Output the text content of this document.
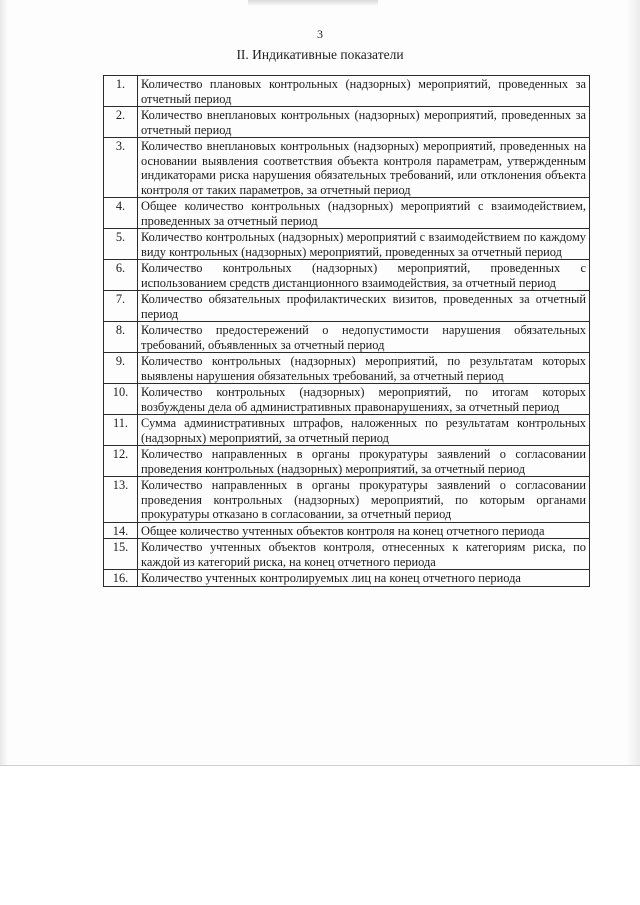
3
II. Индикативные показатели
1.	Количество плановых контрольных (надзорных) мероприятий, проведенных за отчетный период
2.	Количество внеплановых контрольных (надзорных) мероприятий, проведенных за отчетный период
3.	Количество внеплановых контрольных (надзорных) мероприятий, проведенных на основании выявления соответствия объекта контроля параметрам, утвержденным индикаторами риска нарушения обязательных требований, или отклонения объекта контроля от таких параметров, за отчетный период
4.	Общее количество контрольных (надзорных) мероприятий с взаимодействием, проведенных за отчетный период
5.	Количество контрольных (надзорных) мероприятий с взаимодействием по каждому виду контрольных (надзорных) мероприятий, проведенных за отчетный период
6.	Количество контрольных (надзорных) мероприятий, проведенных с использованием средств дистанционного взаимодействия, за отчетный период
7.	Количество обязательных профилактических визитов, проведенных за отчетный период
8.	Количество предостережений о недопустимости нарушения обязательных требований, объявленных за отчетный период
9.	Количество контрольных (надзорных) мероприятий, по результатам которых выявлены нарушения обязательных требований, за отчетный период
10.	Количество контрольных (надзорных) мероприятий, по итогам которых возбуждены дела об административных правонарушениях, за отчетный период
11.	Сумма административных штрафов, наложенных по результатам контрольных (надзорных) мероприятий, за отчетный период
12.	Количество направленных в органы прокуратуры заявлений о согласовании проведения контрольных (надзорных) мероприятий, за отчетный период
13.	Количество направленных в органы прокуратуры заявлений о согласовании проведения контрольных (надзорных) мероприятий, по которым органами прокуратуры отказано в согласовании, за отчетный период
14.	Общее количество учтенных объектов контроля на конец отчетного периода
15.	Количество учтенных объектов контроля, отнесенных к категориям риска, по каждой из категорий риска, на конец отчетного периода
16.	Количество учтенных контролируемых лиц на конец отчетного периода
